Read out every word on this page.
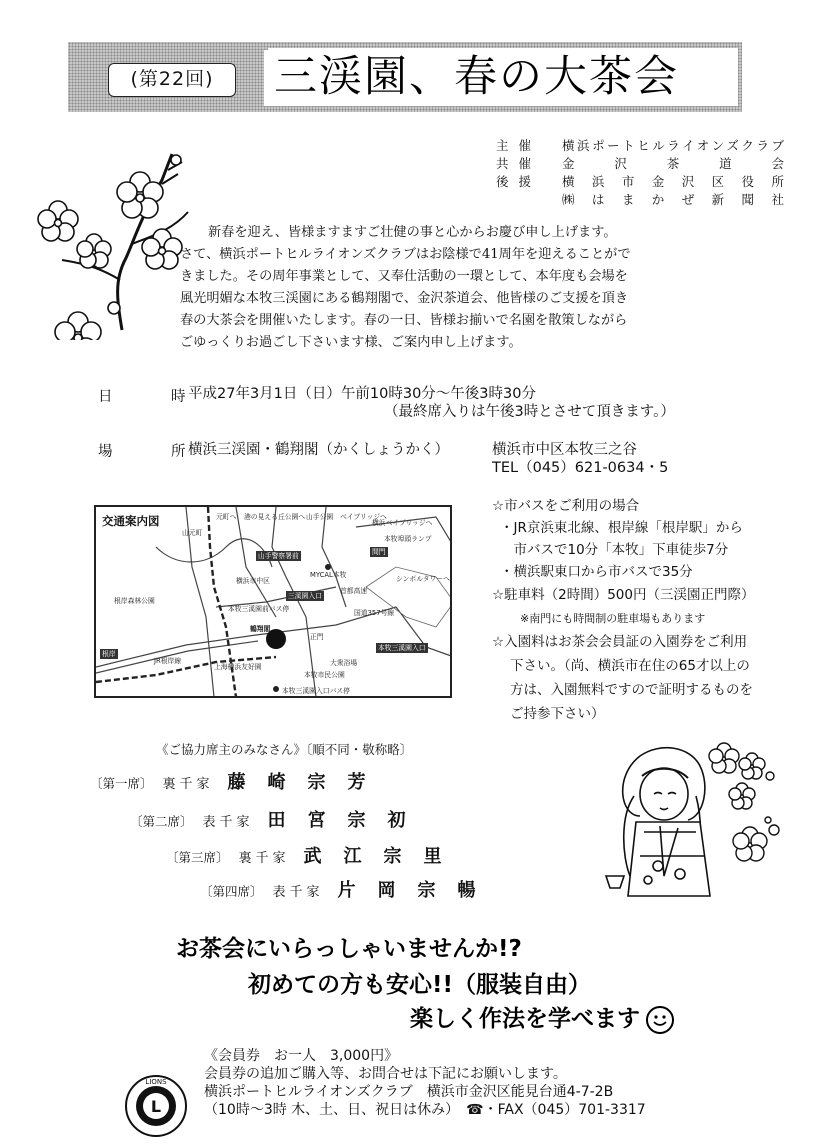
(第22回)	三渓園、春の大茶会
主催 横浜ポートヒルライオンズクラブ
共催 金沢茶道会
後援 横浜市金沢区役所
㈱はまかぜ新聞社
新春を迎え、皆様ますますご壮健の事と心からお慶び申し上げます。
さて、横浜ポートヒルライオンズクラブはお陰様で41周年を迎えることがで
きました。その周年事業として、又奉仕活動の一環として、本年度も会場を
風光明媚な本牧三渓園にある鶴翔閣で、金沢茶道会、他皆様のご支援を頂き
春の大茶会を開催いたします。春の一日、皆様お揃いで名園を散策しながら
ごゆっくりお過ごし下さいます様、ご案内申し上げます。
日　時
平成27年3月1日（日）午前10時30分～午後3時30分
（最終席入りは午後3時とさせて頂きます。）
場　所
横浜三渓園・鶴翔閣（かくしょうかく）	横浜市中区本牧三之谷
TEL（045）621-0634・5
交通案内図	元町へ 港の見える丘公園へ
山元町
山手公園 ベイブリッジへ
横浜ベイブリッジへ
本牧埠頭ランプ
山手警察署前	間門
横浜市中区
MYCAL本牧
根岸森林公園
首都高速
本牧三溪園前バス停
三溪園入口
鶴翔閣
本牧三溪園入口
JR根岸線
上海横浜友好園
本牧市民公園
大衆浴場
本牧三溪園入口バス停
国道357号線
シンボルタワーへ
根岸
正門
☆市バスをご利用の場合
・JR京浜東北線、根岸線「根岸駅」から
　市バスで10分「本牧」下車徒歩7分
・横浜駅東口から市バスで35分
☆駐車料（2時間）500円（三渓園正門際）
※南門にも時間制の駐車場もあります
☆入園料はお茶会会員証の入園券をご利用
下さい。（尚、横浜市在住の65才以上の
方は、入園無料ですので証明するものを
ご持参下さい）
《ご協力席主のみなさん》〔順不同・敬称略〕
〔第一席〕 裏千家 藤崎宗芳
〔第二席〕 表千家 田宮宗初
〔第三席〕 裏千家 武江宗里
〔第四席〕 表千家 片岡宗暢
お茶会にいらっしゃいませんか!?
初めての方も安心!!（服装自由）
楽しく作法を学べます
《会員券　お一人　3,000円》
会員券の追加ご購入等、お問合せは下記にお願いします。
横浜ポートヒルライオンズクラブ　横浜市金沢区能見台通4-7-2B
（10時～3時 木、土、日、祝日は休み）　☎・FAX（045）701-3317
L
LIONS
